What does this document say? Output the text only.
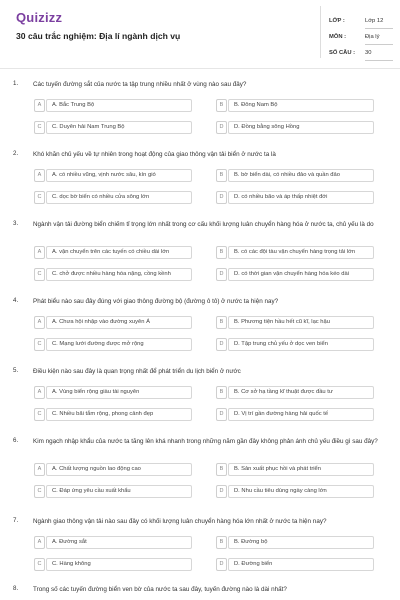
Quizizz
30 câu trắc nghiệm: Địa lí ngành dịch vụ
LỚP :	Lớp 12
MÔN :	Địa lý
SỐ CÂU : 30
1. Các tuyến đường sắt của nước ta tập trung nhiều nhất ở vùng nào sau đây?
A	A. Bắc Trung Bộ	B	B. Đông Nam Bộ
C	C. Duyên hải Nam Trung Bộ	D	D. Đồng bằng sông Hồng
2. Khó khăn chủ yếu về tự nhiên trong hoạt động của giao thông vận tải biển ở nước ta là
A	A. có nhiều vũng, vịnh nước sâu, kín gió	B	B. bờ biển dài, có nhiều đảo và quần đảo
C	C. dọc bờ biển có nhiều cửa sông lớn	D	D. có nhiều bão và áp thấp nhiệt đới
3. Ngành vận tải đường biển chiếm tỉ trọng lớn nhất trong cơ cấu khối lượng luân chuyển hàng hóa ở nước ta, chủ yếu là do
A	A. vận chuyển trên các tuyến có chiều dài lớn	B	B. có các đội tàu vận chuyển hàng trọng tải lớn
C	C. chở được nhiều hàng hóa nặng, cồng kềnh	D	D. có thời gian vận chuyển hàng hóa kéo dài
4. Phát biểu nào sau đây đúng với giao thông đường bộ (đường ô tô) ở nước ta hiện nay?
A	A. Chưa hội nhập vào đường xuyên Á	B	B. Phương tiện hầu hết cũ kĩ, lạc hậu
C	C. Mạng lưới đường được mở rộng	D	D. Tập trung chủ yếu ở dọc ven biển
5. Điều kiện nào sau đây là quan trọng nhất để phát triển du lịch biển ở nước
A	A. Vùng biển rộng giàu tài nguyên	B	B. Cơ sở hạ tầng kĩ thuật được đầu tư
C	C. Nhiều bãi tắm rộng, phong cảnh đẹp	D	D. Vị trí gần đường hàng hải quốc tế
6. Kim ngạch nhập khẩu của nước ta tăng lên khá nhanh trong những năm gần đây không phản ánh chủ yếu điều gì sau đây?
A	A. Chất lượng nguồn lao động cao	B	B. Sản xuất phục hồi và phát triển
C	C. Đáp ứng yêu cầu xuất khẩu	D	D. Nhu cầu tiêu dùng ngày càng lớn
7. Ngành giao thông vận tải nào sau đây có khối lượng luân chuyển hàng hóa lớn nhất ở nước ta hiện nay?
A	A. Đường sắt	B	B. Đường bộ
C	C. Hàng không	D	D. Đường biển
8. Trong số các tuyến đường biển ven bờ của nước ta sau đây, tuyến đường nào là dài nhất?
